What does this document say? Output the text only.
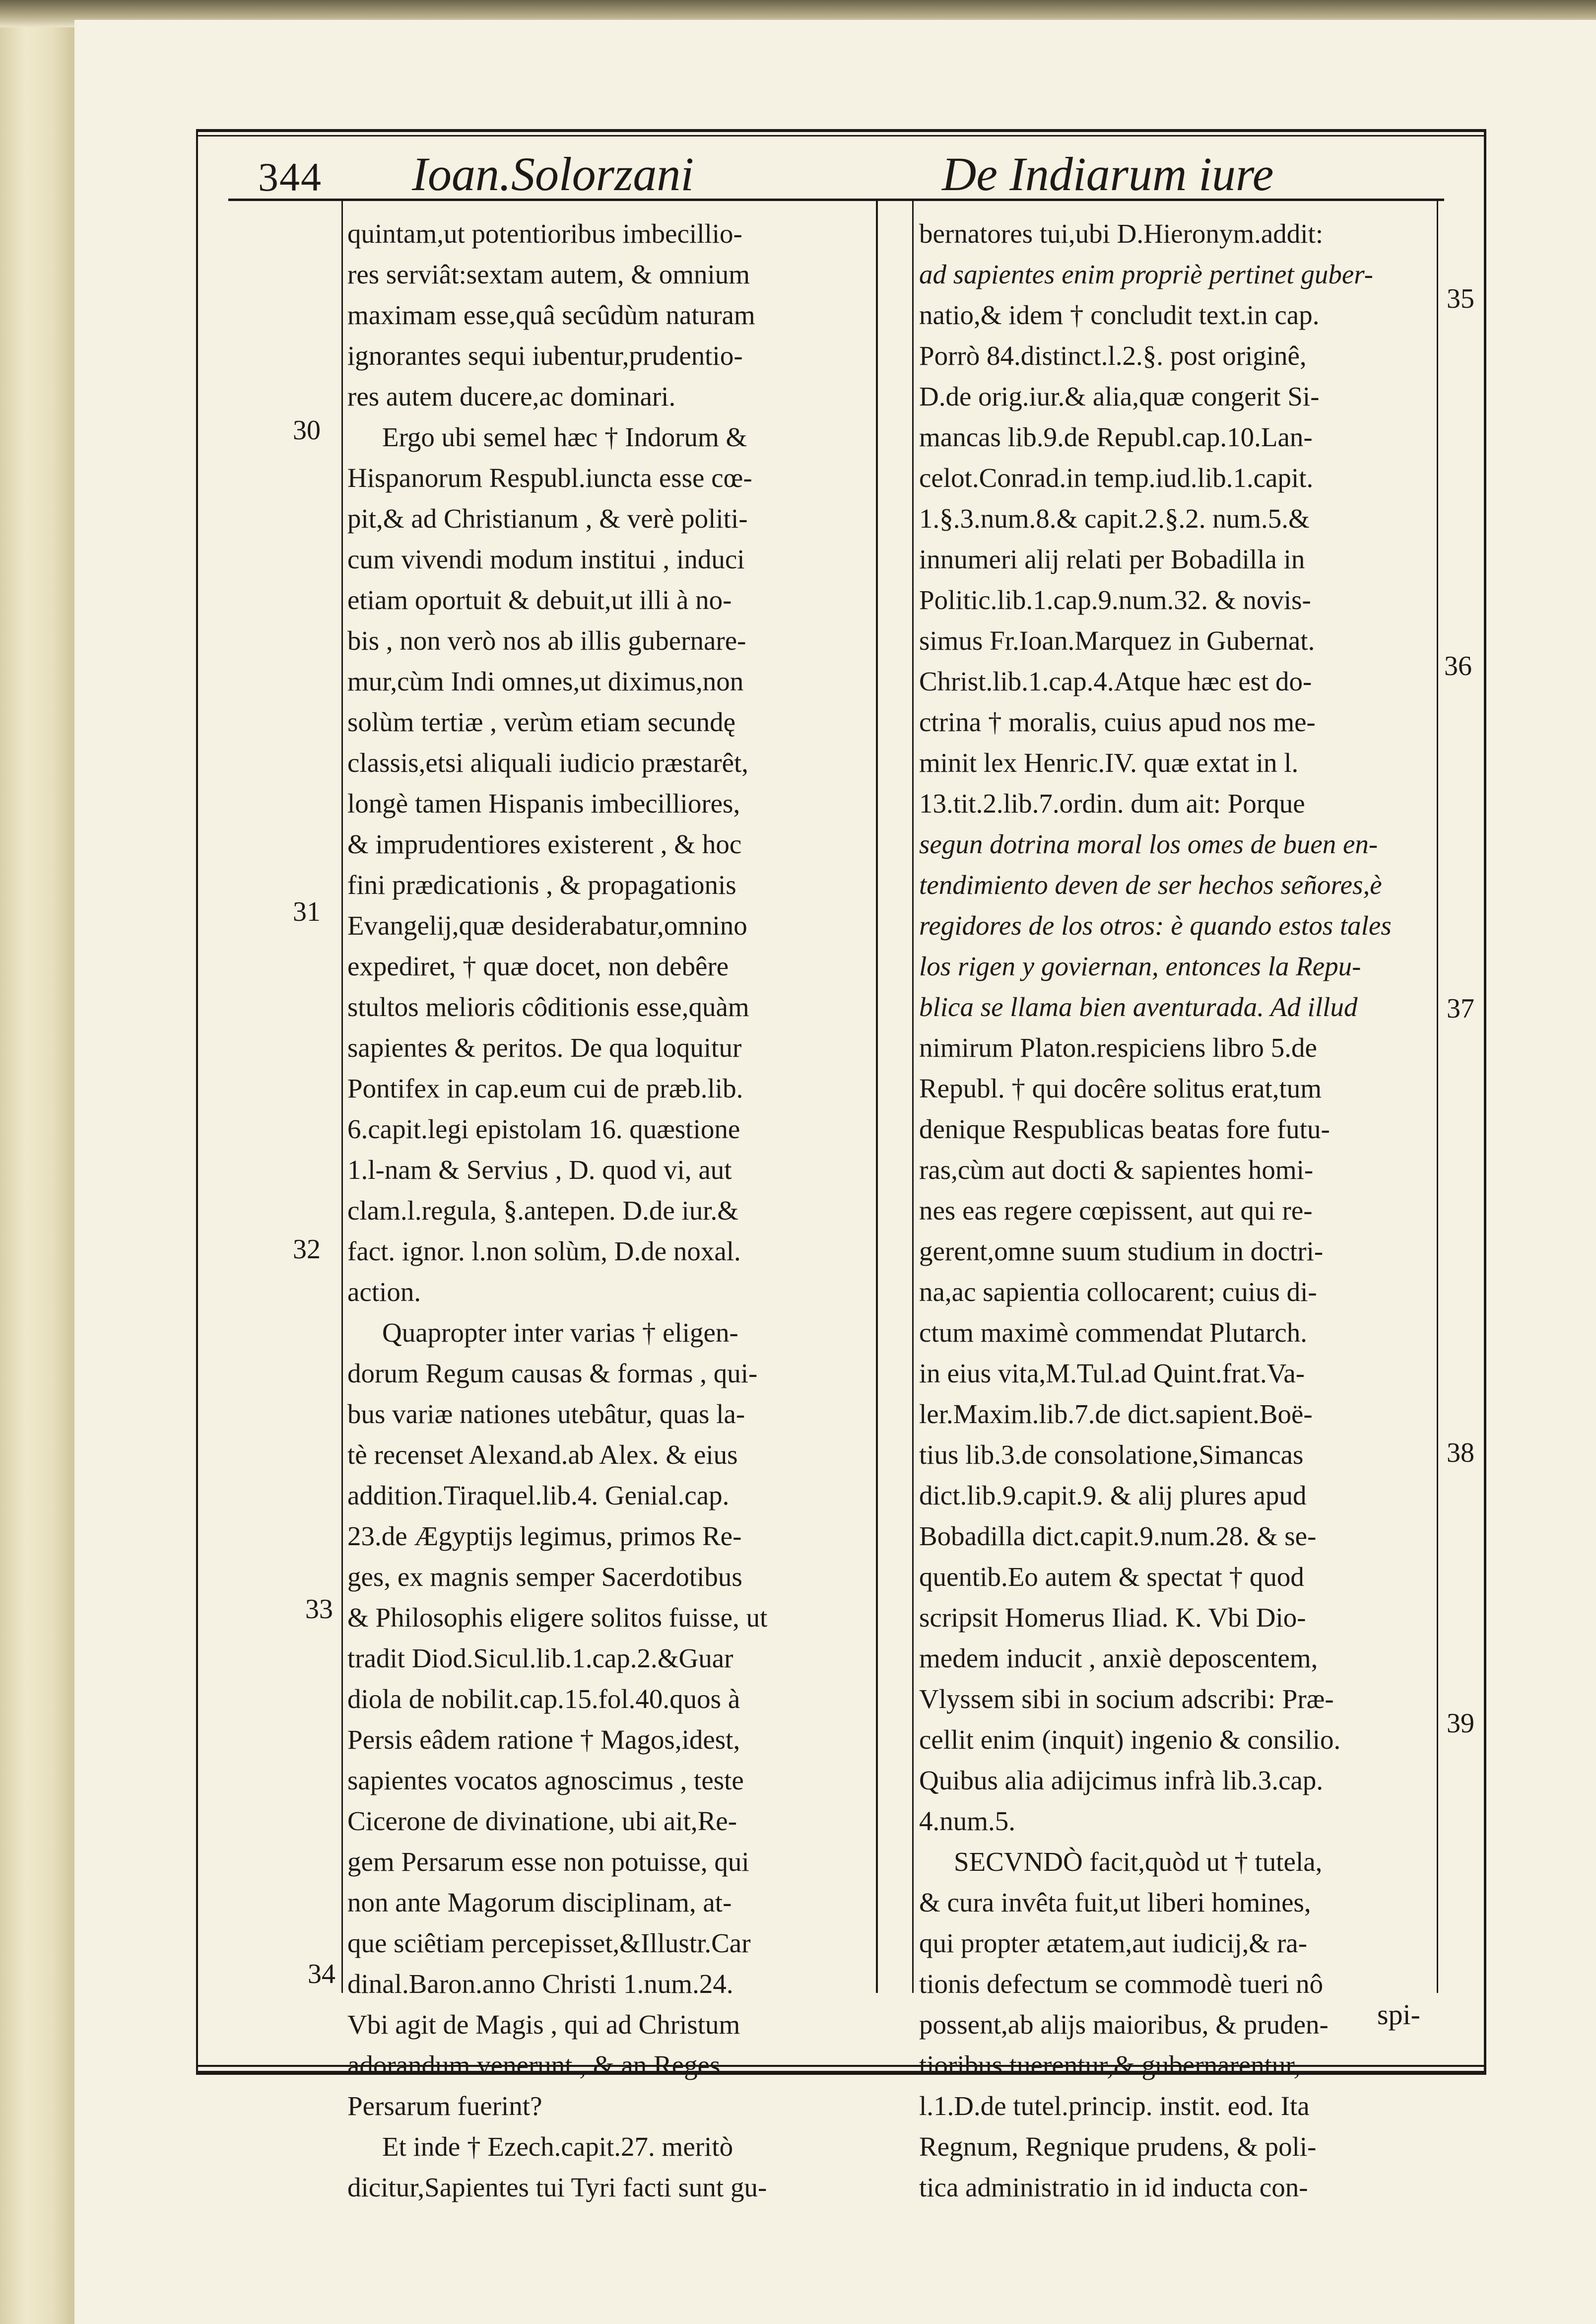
344 Ioan.Solorzani	De Indiarum iure
quintam,ut potentioribus imbecillio-
res serviât:sextam autem, & omnium
maximam esse,quâ secûdùm naturam
ignorantes sequi iubentur,prudentio-
res autem ducere,ac dominari.
Ergo ubi semel hæc † Indorum &
Hispanorum Respubl.iuncta esse cœ-
pit,& ad Christianum , & verè politi-
cum vivendi modum institui , induci
etiam oportuit & debuit,ut illi à no-
bis , non verò nos ab illis gubernare-
mur,cùm Indi omnes,ut diximus,non
solùm tertiæ , verùm etiam secundę
classis,etsi aliquali iudicio præstarêt,
longè tamen Hispanis imbecilliores,
& imprudentiores existerent , & hoc
fini prædicationis , & propagationis
Evangelij,quæ desiderabatur,omnino
expediret, † quæ docet, non debêre
stultos melioris côditionis esse,quàm
sapientes & peritos. De qua loquitur
Pontifex in cap.eum cui de præb.lib.
6.capit.legi epistolam 16. quæstione
1.l-nam & Servius , D. quod vi, aut
clam.l.regula, §.antepen. D.de iur.&
fact. ignor. l.non solùm, D.de noxal.
action.
Quapropter inter varias † eligen-
dorum Regum causas & formas , qui-
bus variæ nationes utebâtur, quas la-
tè recenset Alexand.ab Alex. & eius
addition.Tiraquel.lib.4. Genial.cap.
23.de Ægyptijs legimus, primos Re-
ges, ex magnis semper Sacerdotibus
& Philosophis eligere solitos fuisse, ut
tradit Diod.Sicul.lib.1.cap.2.&Guar
diola de nobilit.cap.15.fol.40.quos à
Persis eâdem ratione † Magos,idest,
sapientes vocatos agnoscimus , teste
Cicerone de divinatione, ubi ait,Re-
gem Persarum esse non potuisse, qui
non ante Magorum disciplinam, at-
que sciêtiam percepisset,&Illustr.Car
dinal.Baron.anno Christi 1.num.24.
Vbi agit de Magis , qui ad Christum
adorandum venerunt , & an Reges
Persarum fuerint?
Et inde † Ezech.capit.27. meritò
dicitur,Sapientes tui Tyri facti sunt gu-
bernatores tui,ubi D.Hieronym.addit:
ad sapientes enim propriè pertinet guber-
natio,& idem † concludit text.in cap.
Porrò 84.distinct.l.2.§. post originê,
D.de orig.iur.& alia,quæ congerit Si-
mancas lib.9.de Republ.cap.10.Lan-
celot.Conrad.in temp.iud.lib.1.capit.
1.§.3.num.8.& capit.2.§.2. num.5.&
innumeri alij relati per Bobadilla in
Politic.lib.1.cap.9.num.32. & novis-
simus Fr.Ioan.Marquez in Gubernat.
Christ.lib.1.cap.4.Atque hæc est do-
ctrina † moralis, cuius apud nos me-
minit lex Henric.IV. quæ extat in l.
13.tit.2.lib.7.ordin. dum ait: Porque
segun dotrina moral los omes de buen en-
tendimiento deven de ser hechos señores,è
regidores de los otros: è quando estos tales
los rigen y goviernan, entonces la Repu-
blica se llama bien aventurada. Ad illud
nimirum Platon.respiciens libro 5.de
Republ. † qui docêre solitus erat,tum
denique Respublicas beatas fore futu-
ras,cùm aut docti & sapientes homi-
nes eas regere cœpissent, aut qui re-
gerent,omne suum studium in doctri-
na,ac sapientia collocarent; cuius di-
ctum maximè commendat Plutarch.
in eius vita,M.Tul.ad Quint.frat.Va-
ler.Maxim.lib.7.de dict.sapient.Boë-
tius lib.3.de consolatione,Simancas
dict.lib.9.capit.9. & alij plures apud
Bobadilla dict.capit.9.num.28. & se-
quentib.Eo autem & spectat † quod
scripsit Homerus Iliad. K. Vbi Dio-
medem inducit , anxiè deposcentem,
Vlyssem sibi in socium adscribi: Præ-
cellit enim (inquit) ingenio & consilio.
Quibus alia adijcimus infrà lib.3.cap.
4.num.5.
SECVNDÒ facit,quòd ut † tutela,
& cura invêta fuit,ut liberi homines,
qui propter ætatem,aut iudicij,& ra-
tionis defectum se commodè tueri nô
possent,ab alijs maioribus, & pruden-
tioribus tuerentur,& gubernarentur,
l.1.D.de tutel.princip. instit. eod. Ita
Regnum, Regnique prudens, & poli-
tica administratio in id inducta con-
30
31
32
33
34
35
36
37
38
39
spi-
